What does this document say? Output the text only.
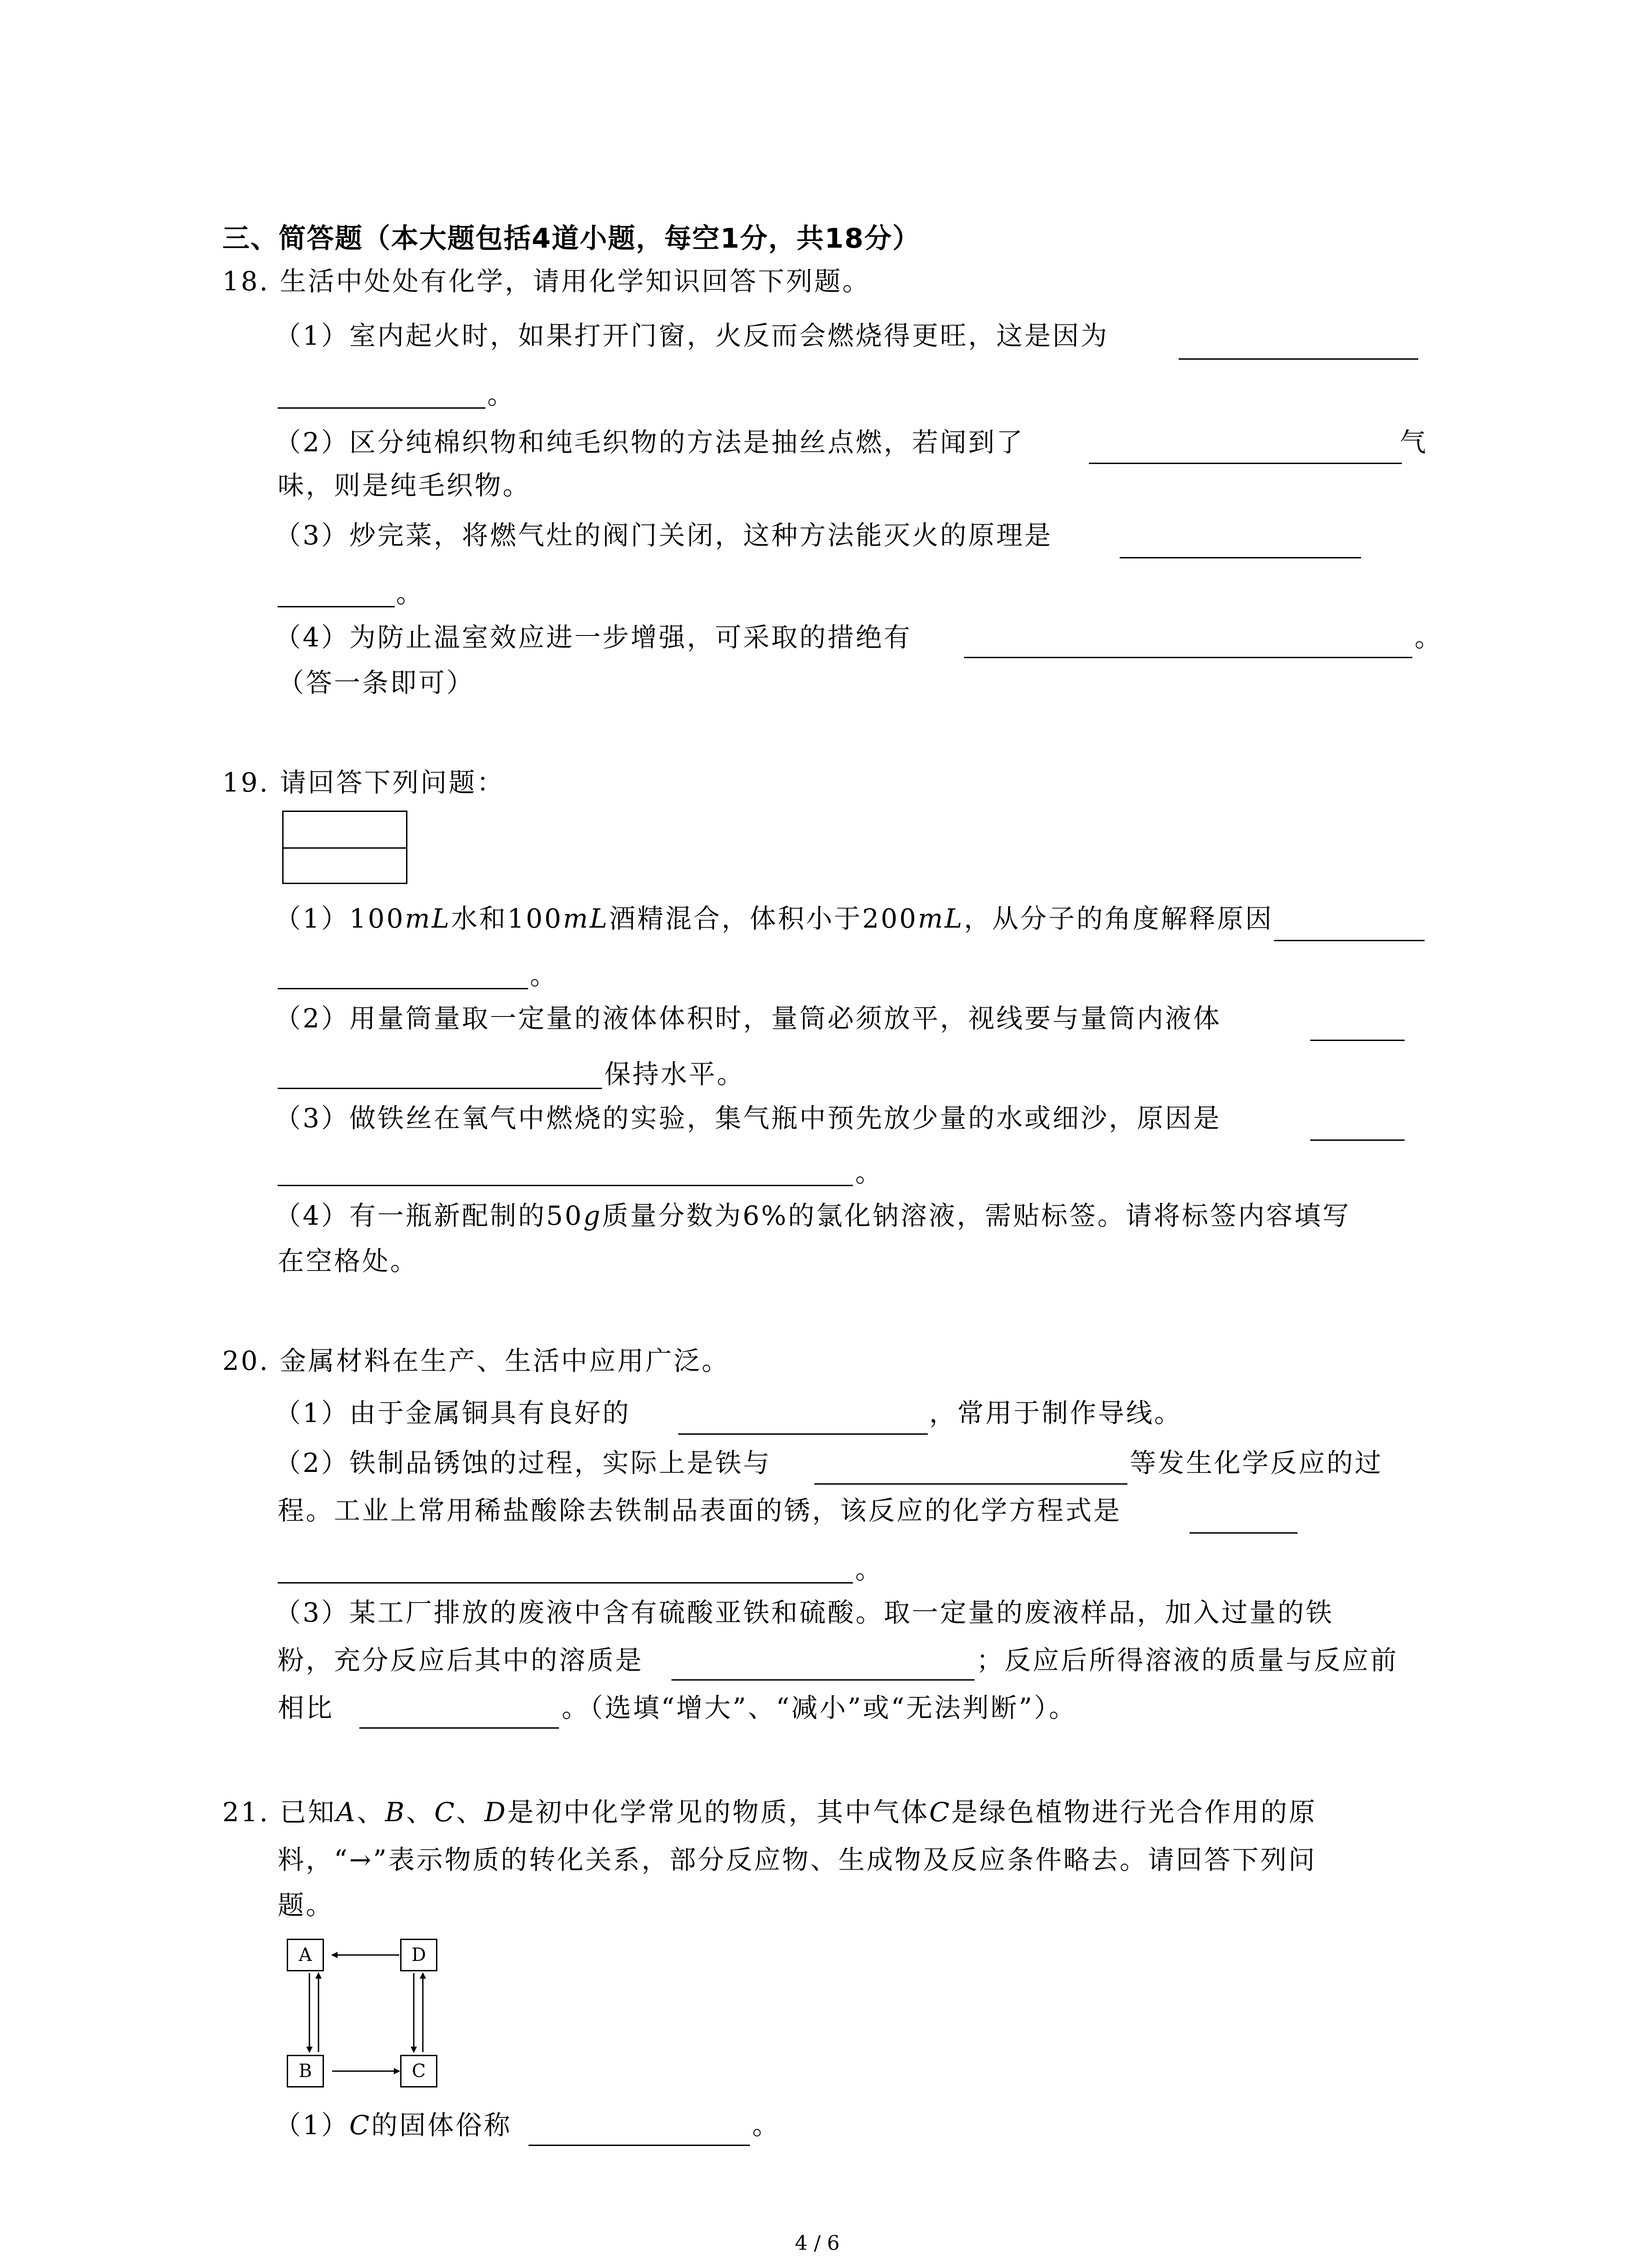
三、简答题（本大题包括4道小题，每空1分，共18分）
18. 生活中处处有化学，请用化学知识回答下列题。
（1）室内起火时，如果打开门窗，火反而会燃烧得更旺，这是因为
。
（2）区分纯棉织物和纯毛织物的方法是抽丝点燃，若闻到了	气
味，则是纯毛织物。
（3）炒完菜，将燃气灶的阀门关闭，这种方法能灭火的原理是
。
（4）为防止温室效应进一步增强，可采取的措绝有	。
（答一条即可）
19. 请回答下列问题：
（1）100mL水和100mL酒精混合，体积小于200mL，从分子的角度解释原因
。
（2）用量筒量取一定量的液体体积时，量筒必须放平，视线要与量筒内液体
保持水平。
（3）做铁丝在氧气中燃烧的实验，集气瓶中预先放少量的水或细沙，原因是
。
（4）有一瓶新配制的50g质量分数为6%的氯化钠溶液，需贴标签。请将标签内容填写
在空格处。
20. 金属材料在生产、生活中应用广泛。
（1）由于金属铜具有良好的	，常用于制作导线。
（2）铁制品锈蚀的过程，实际上是铁与	等发生化学反应的过
程。工业上常用稀盐酸除去铁制品表面的锈，该反应的化学方程式是
。
（3）某工厂排放的废液中含有硫酸亚铁和硫酸。取一定量的废液样品，加入过量的铁
粉，充分反应后其中的溶质是	；反应后所得溶液的质量与反应前
相比	。（选填“增大”、“减小”或“无法判断”）。
21. 已知A、B、C、D是初中化学常见的物质，其中气体C是绿色植物进行光合作用的原
料，“→”表示物质的转化关系，部分反应物、生成物及反应条件略去。请回答下列问
题。
A	D
B	C
（1）C的固体俗称	。
4 / 6
